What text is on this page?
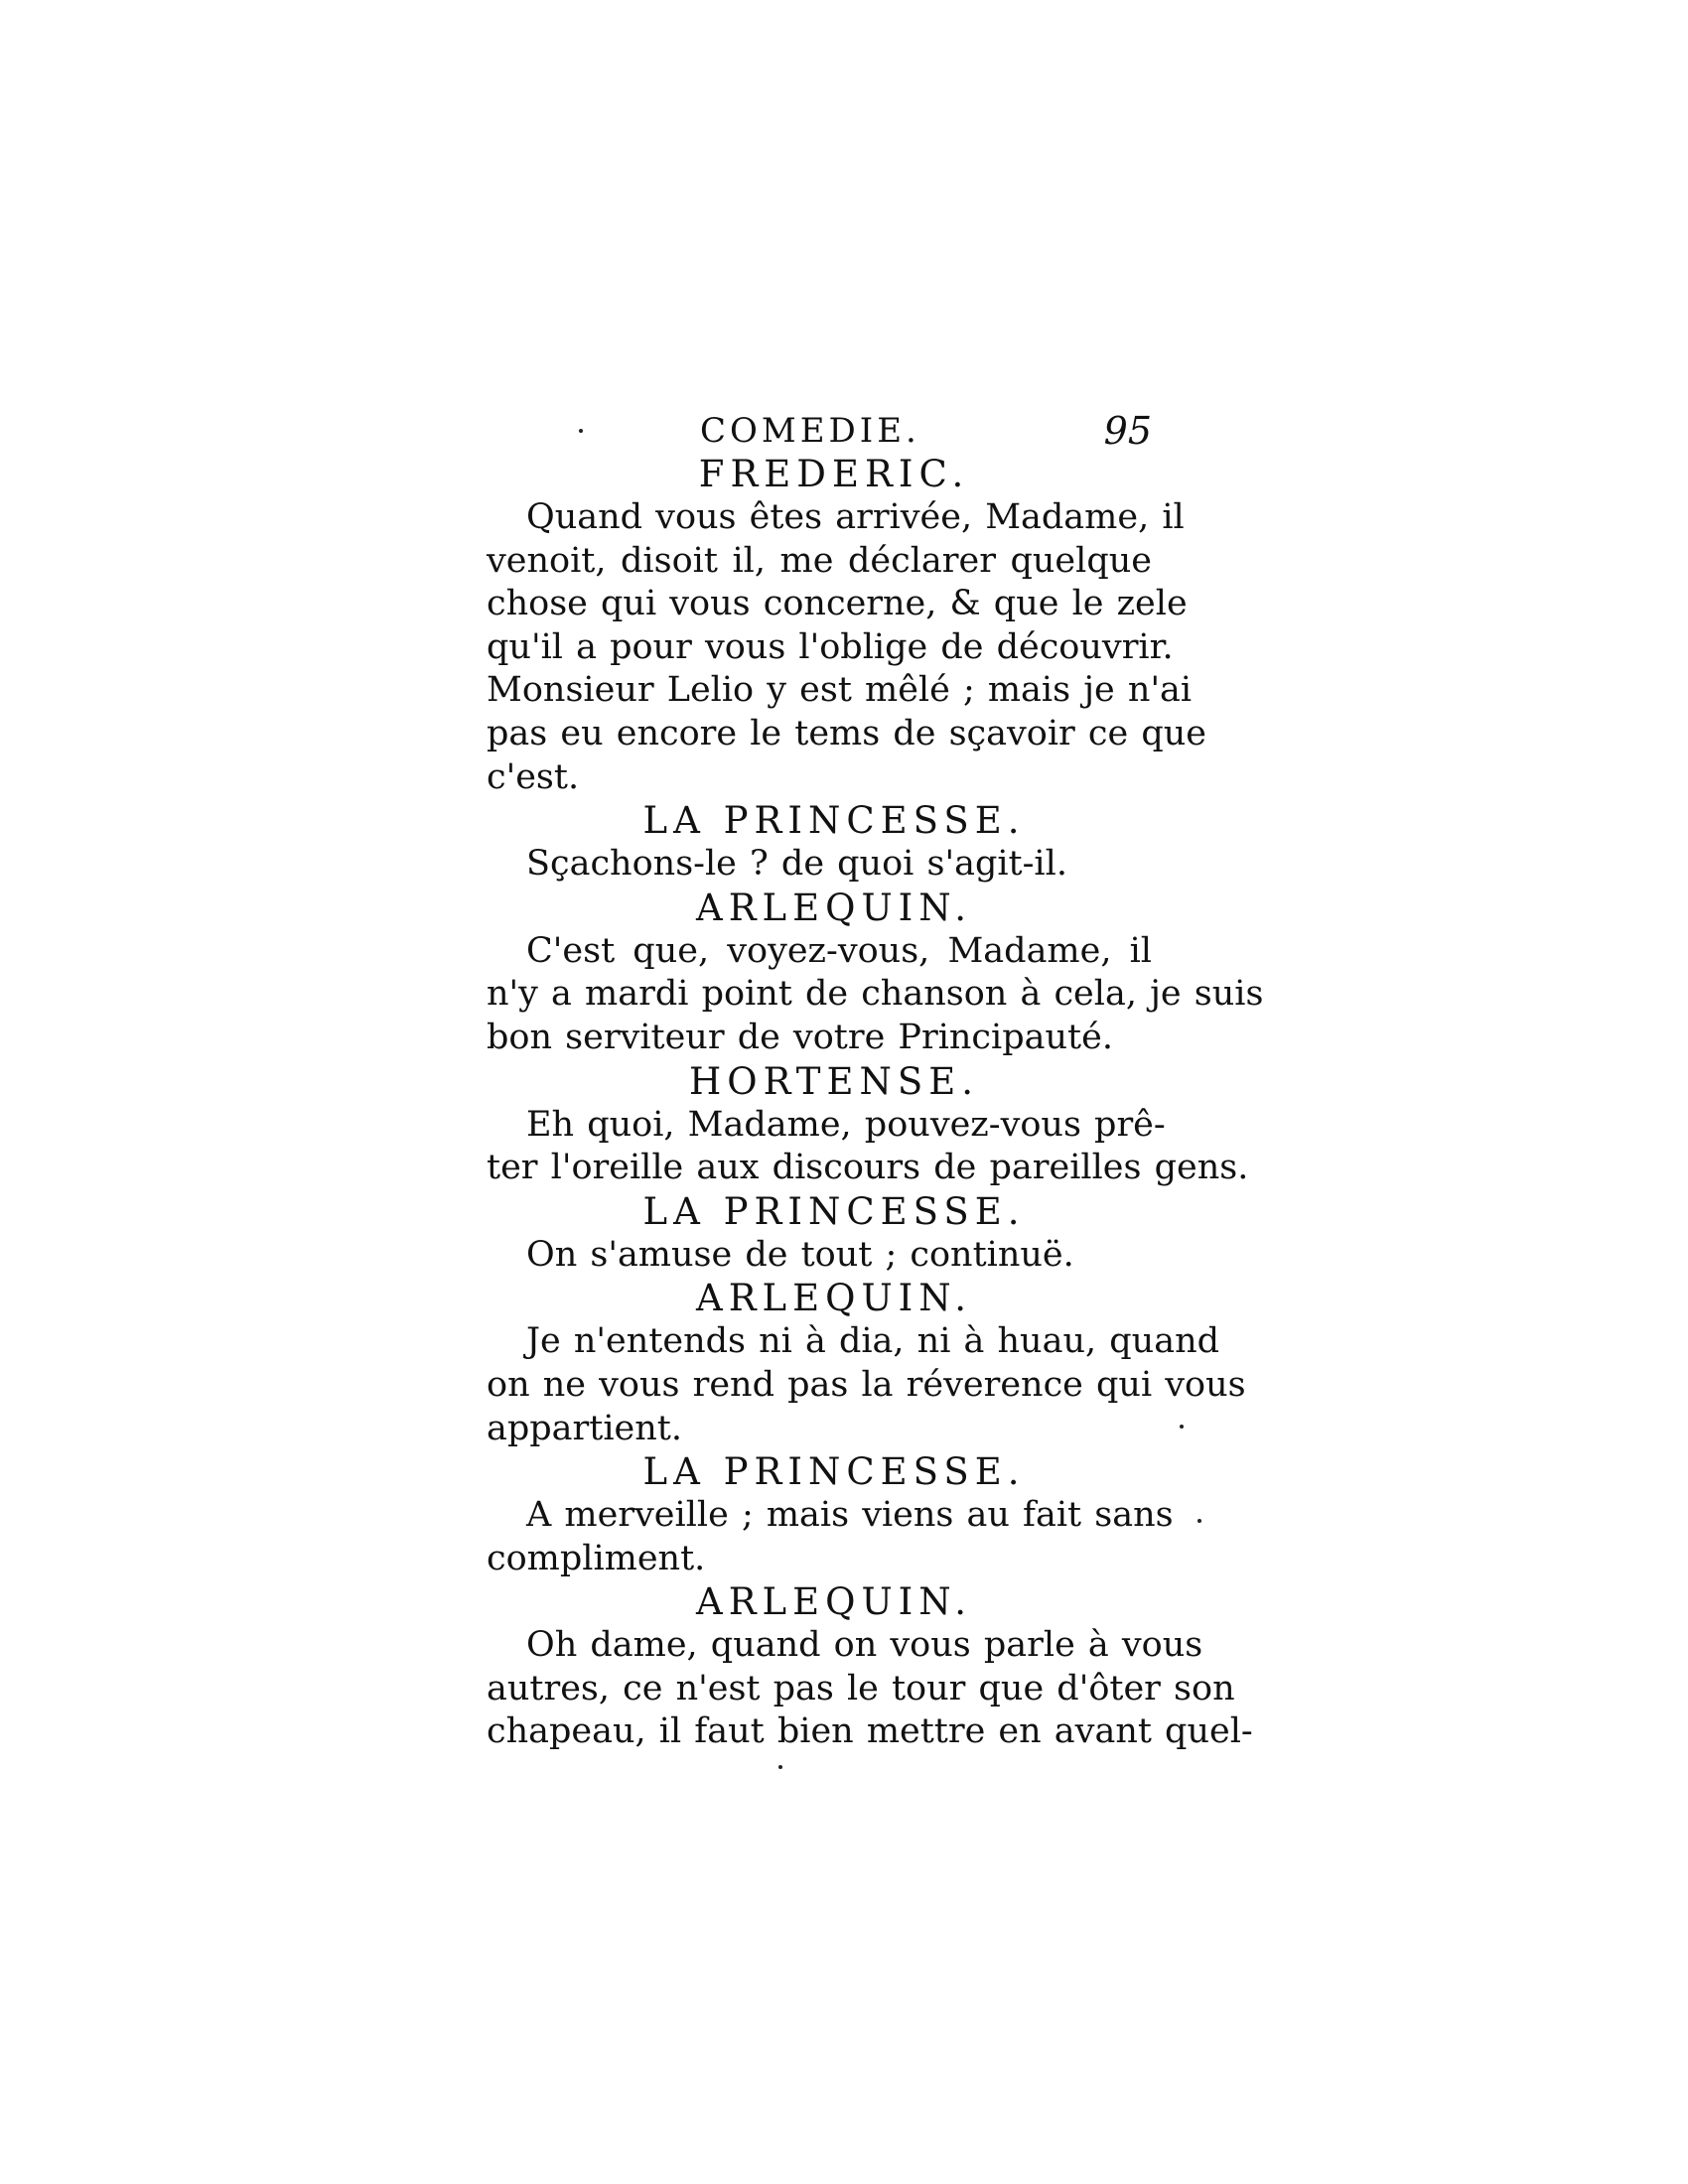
COMEDIE.	95
FREDERIC.
Quand vous êtes arrivée, Madame, il
venoit, disoit il, me déclarer quelque
chose qui vous concerne, & que le zele
qu'il a pour vous l'oblige de découvrir.
Monsieur Lelio y est mêlé ; mais je n'ai
pas eu encore le tems de sçavoir ce que
c'est.
LA PRINCESSE.
Sçachons-le ? de quoi s'agit-il.
ARLEQUIN.
C'est que, voyez-vous, Madame, il
n'y a mardi point de chanson à cela, je suis
bon serviteur de votre Principauté.
HORTENSE.
Eh quoi, Madame, pouvez-vous prê-
ter l'oreille aux discours de pareilles gens.
LA PRINCESSE.
On s'amuse de tout ; continuë.
ARLEQUIN.
Je n'entends ni à dia, ni à huau, quand
on ne vous rend pas la réverence qui vous
appartient.
LA PRINCESSE.
A merveille ; mais viens au fait sans
compliment.
ARLEQUIN.
Oh dame, quand on vous parle à vous
autres, ce n'est pas le tour que d'ôter son
chapeau, il faut bien mettre en avant quel-
